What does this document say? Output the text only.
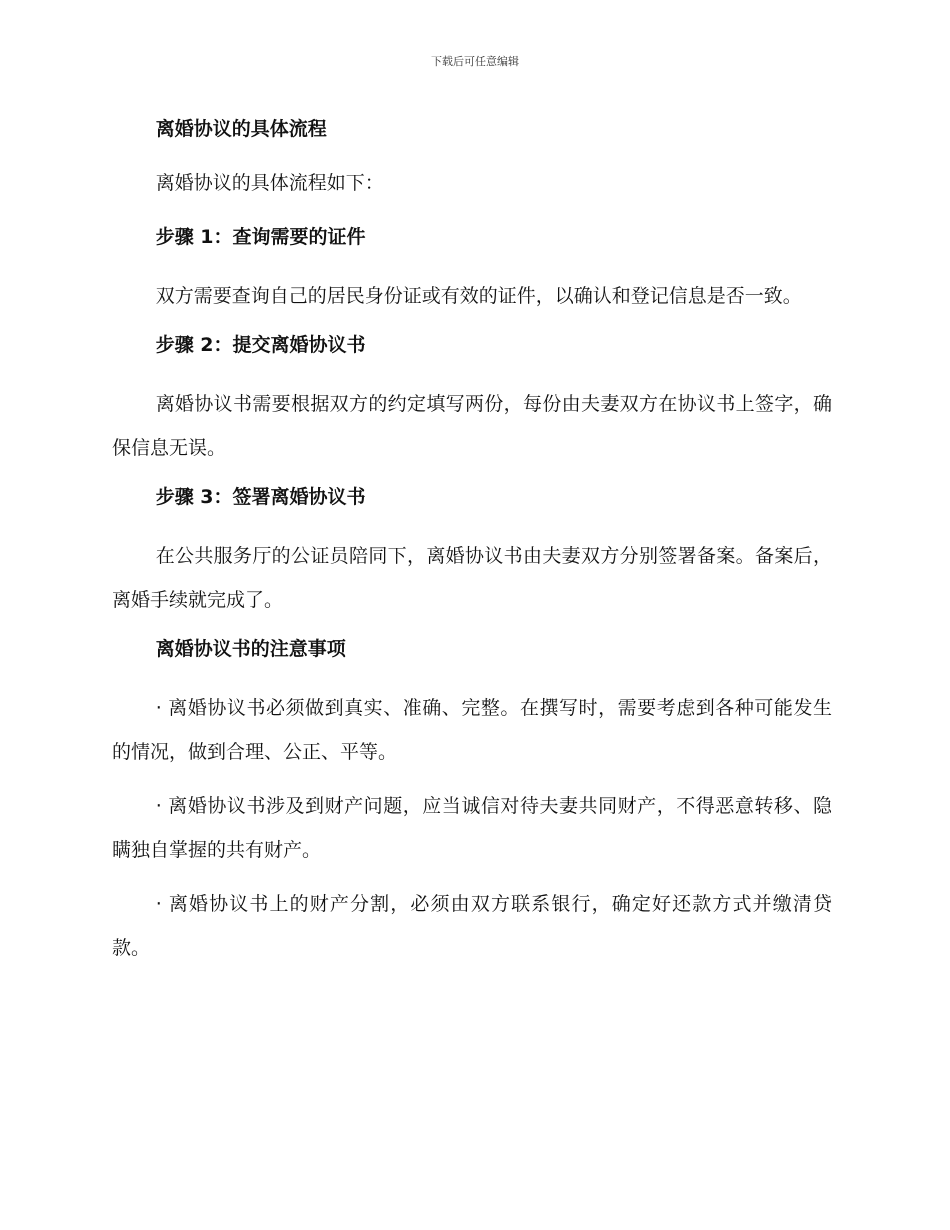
下载后可任意编辑
离婚协议的具体流程
离婚协议的具体流程如下：
步骤 1：查询需要的证件
双方需要查询自己的居民身份证或有效的证件，以确认和登记信息是否一致。
步骤 2：提交离婚协议书
离婚协议书需要根据双方的约定填写两份，每份由夫妻双方在协议书上签字，确保信息无误。
步骤 3：签署离婚协议书
在公共服务厅的公证员陪同下，离婚协议书由夫妻双方分别签署备案。备案后，离婚手续就完成了。
离婚协议书的注意事项
· 离婚协议书必须做到真实、准确、完整。在撰写时，需要考虑到各种可能发生的情况，做到合理、公正、平等。
· 离婚协议书涉及到财产问题，应当诚信对待夫妻共同财产，不得恶意转移、隐瞒独自掌握的共有财产。
· 离婚协议书上的财产分割，必须由双方联系银行，确定好还款方式并缴清贷款。
